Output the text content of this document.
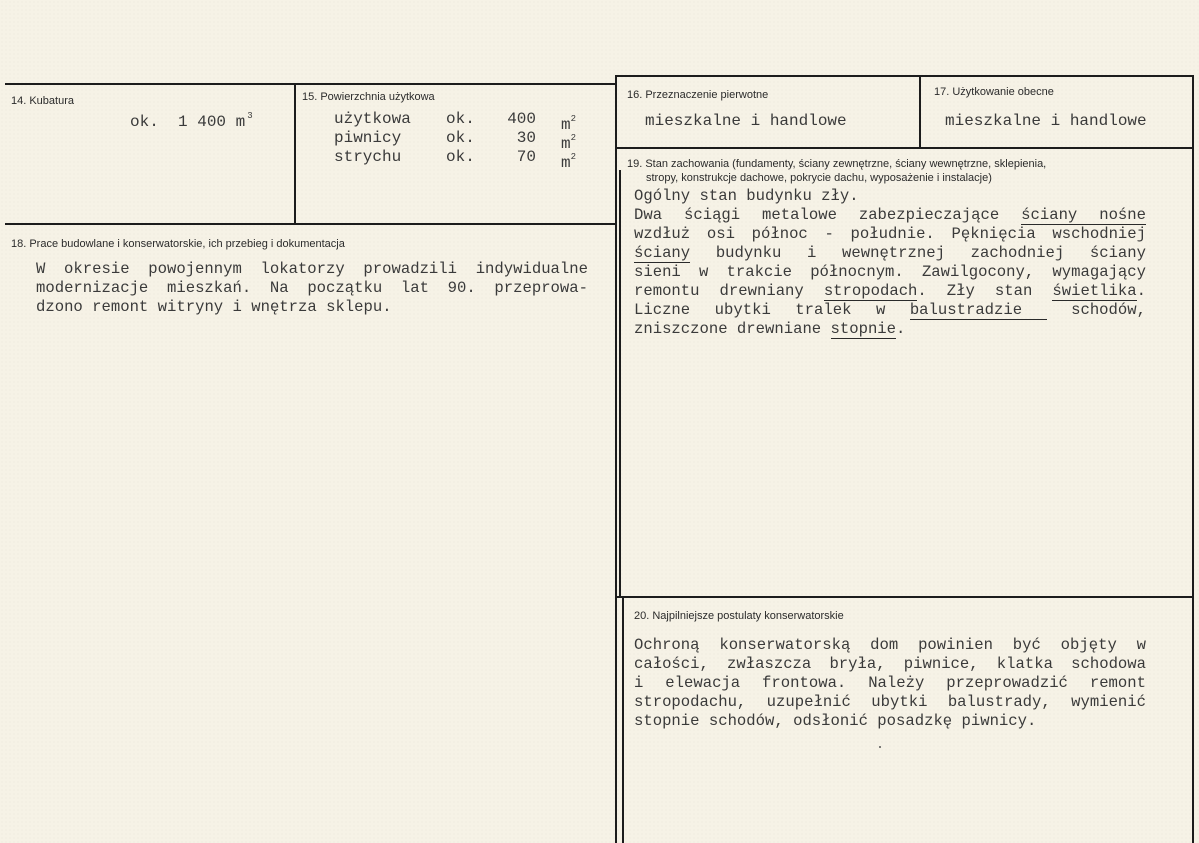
14. Kubatura
ok.  1 400 m $^3$
15. Powierzchnia użytkowa
użytkowa	ok.	400	$m^2$
piwnicy	ok.	30	$m^2$
strychu	ok.	70	$m^2$
16. Przeznaczenie pierwotne
mieszkalne i handlowe
17. Użytkowanie obecne
mieszkalne i handlowe
18. Prace budowlane i konserwatorskie, ich przebieg i dokumentacja
W okresie powojennym lokatorzy prowadzili indywidualne
modernizacje mieszkań. Na początku lat 90. przeprowa-
dzono remont witryny i wnętrza sklepu.
19. Stan zachowania (fundamenty, ściany zewnętrzne, ściany wewnętrzne, sklepienia,
stropy, konstrukcje dachowe, pokrycie dachu, wyposażenie i instalacje)
Ogólny stan budynku zły.
Dwa ściągi metalowe zabezpieczające ściany nośne
wzdłuż osi północ - południe. Pęknięcia wschodniej
ściany budynku i wewnętrznej zachodniej ściany
sieni w trakcie północnym. Zawilgocony, wymagający
remontu drewniany stropodach. Zły stan świetlika.
Liczne ubytki tralek w balustradzie  schodów,
zniszczone drewniane stopnie.
20. Najpilniejsze postulaty konserwatorskie
Ochroną konserwatorską dom powinien być objęty w
całości, zwłaszcza bryła, piwnice, klatka schodowa
i elewacja frontowa. Należy przeprowadzić remont
stropodachu, uzupełnić ubytki balustrady, wymienić
stopnie schodów, odsłonić posadzkę piwnicy.
